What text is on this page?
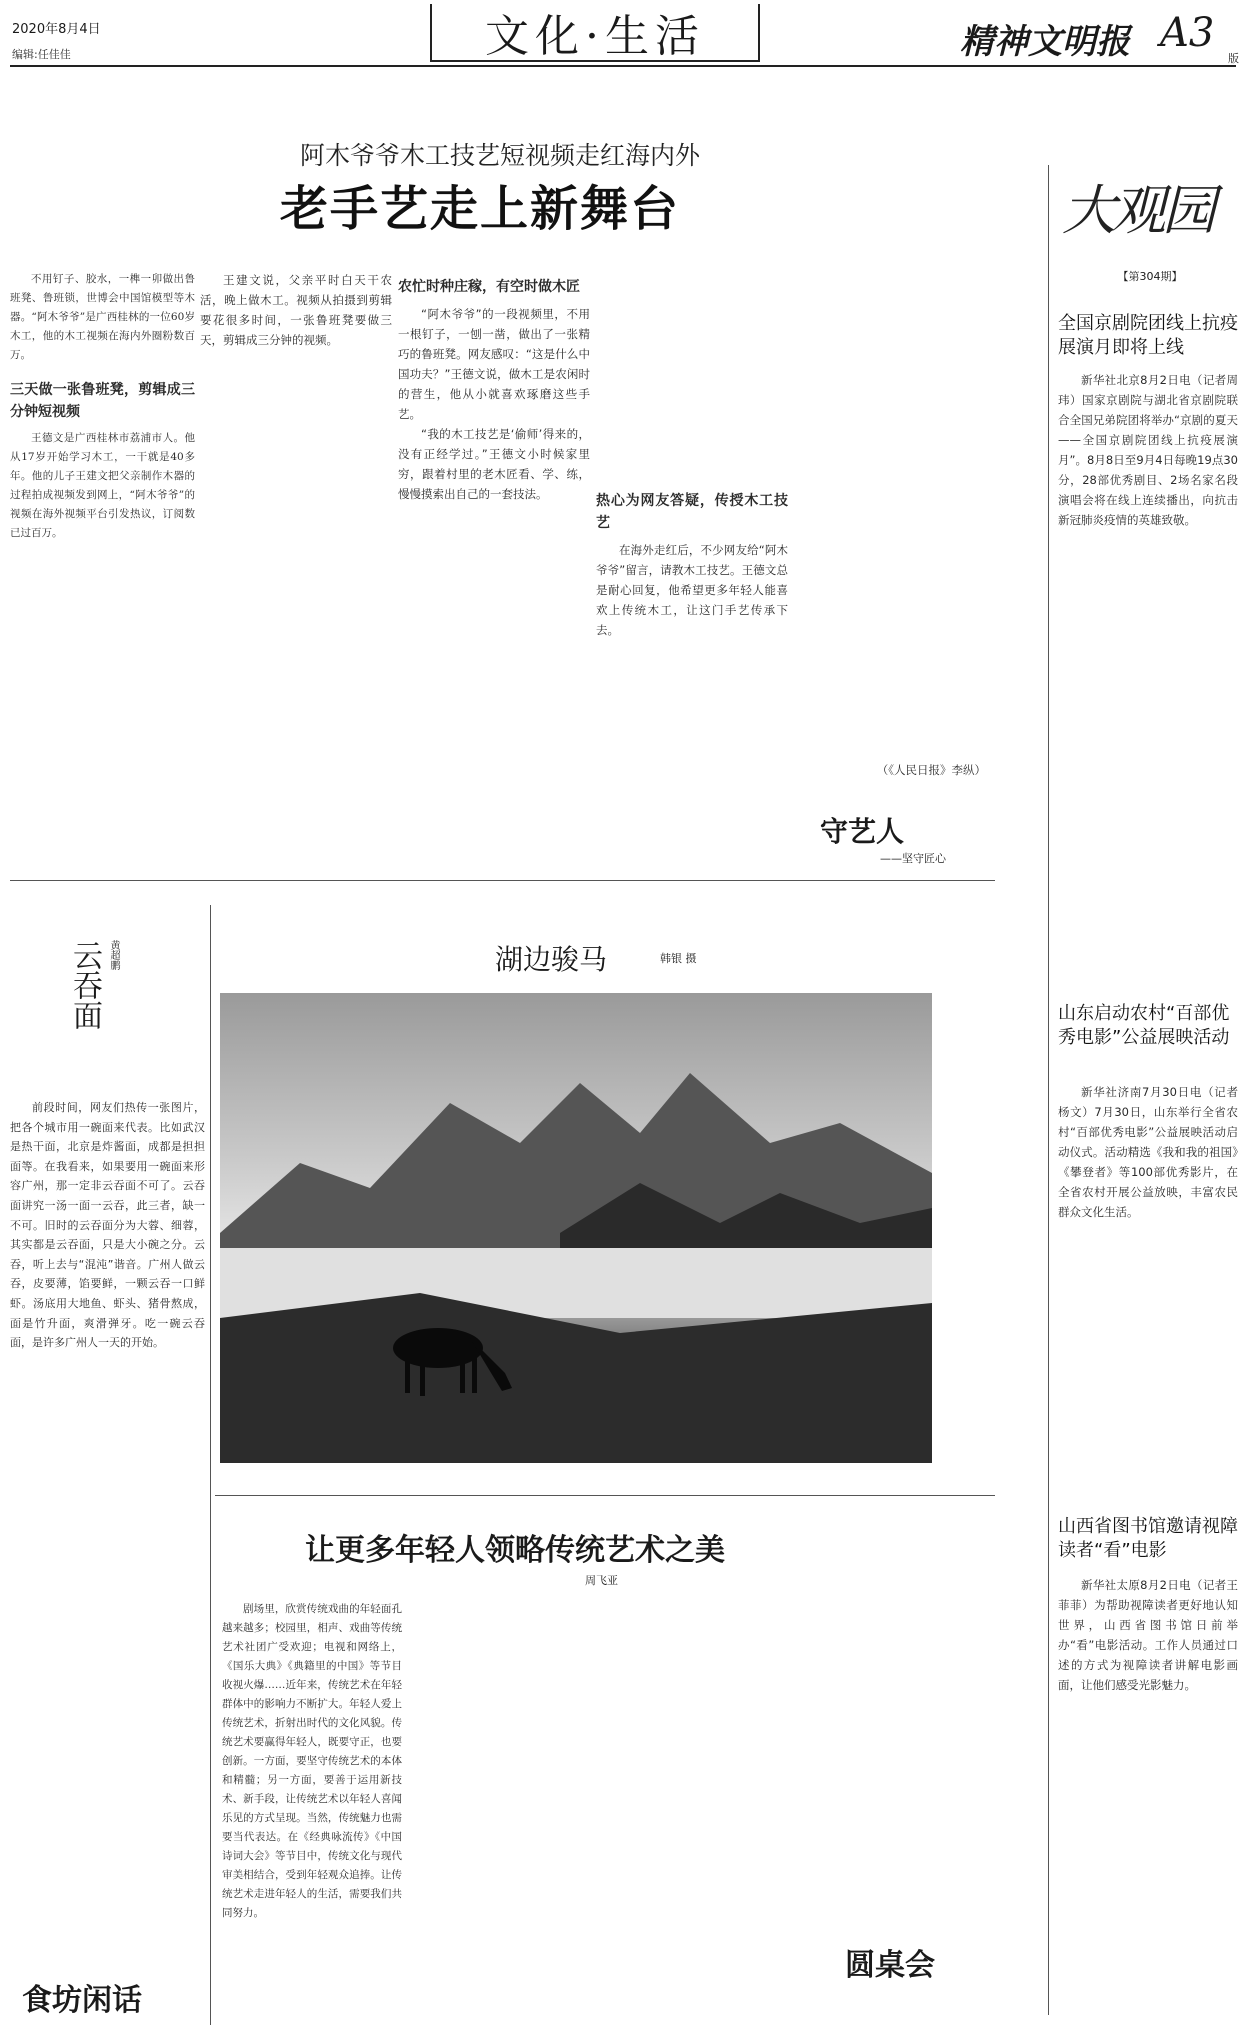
2020年8月4日
编辑:任佳佳	文化·生活	精神文明报 A3
版
阿木爷爷木工技艺短视频走红海内外
老手艺走上新舞台

不用钉子、胶水，一榫一卯做出鲁班凳、鲁班锁，世博会中国馆模型等木器。“阿木爷爷”是广西桂林的一位60岁木工，他的木工视频在海内外圈粉数百万。

三天做一张鲁班凳，剪辑成三分钟短视频

王德文是广西桂林市荔浦市人。他从17岁开始学习木工，一干就是40多年。他的儿子王建文把父亲制作木器的过程拍成视频发到网上，“阿木爷爷”的视频在海外视频平台引发热议，订阅数已过百万。

王建文说，父亲平时白天干农活，晚上做木工。视频从拍摄到剪辑要花很多时间，一张鲁班凳要做三天，剪辑成三分钟的视频。

农忙时种庄稼，有空时做木匠

“阿木爷爷”的一段视频里，不用一根钉子，一刨一凿，做出了一张精巧的鲁班凳。网友感叹：“这是什么中国功夫？”王德文说，做木工是农闲时的营生，他从小就喜欢琢磨这些手艺。

“我的木工技艺是‘偷师’得来的，没有正经学过。”王德文小时候家里穷，跟着村里的老木匠看、学、练，慢慢摸索出自己的一套技法。	热心为网友答疑，传授木工技艺

在海外走红后，不少网友给“阿木爷爷”留言，请教木工技艺。王德文总是耐心回复，他希望更多年轻人能喜欢上传统木工，让这门手艺传承下去。

（《人民日报》李纵）

守艺人
——坚守匠心
云吞面 黄超鹏

前段时间，网友们热传一张图片，把各个城市用一碗面来代表。比如武汉是热干面，北京是炸酱面，成都是担担面等。在我看来，如果要用一碗面来形容广州，那一定非云吞面不可了。云吞面讲究一汤一面一云吞，此三者，缺一不可。旧时的云吞面分为大蓉、细蓉，其实都是云吞面，只是大小碗之分。云吞，听上去与“混沌”谐音。广州人做云吞，皮要薄，馅要鲜，一颗云吞一口鲜虾。汤底用大地鱼、虾头、猪骨熬成，面是竹升面，爽滑弹牙。吃一碗云吞面，是许多广州人一天的开始。

湖边骏马	韩银 摄
让更多年轻人领略传统艺术之美
周飞亚

剧场里，欣赏传统戏曲的年轻面孔越来越多；校园里，相声、戏曲等传统艺术社团广受欢迎；电视和网络上，《国乐大典》《典籍里的中国》等节目收视火爆……近年来，传统艺术在年轻群体中的影响力不断扩大。年轻人爱上传统艺术，折射出时代的文化风貌。传统艺术要赢得年轻人，既要守正，也要创新。一方面，要坚守传统艺术的本体和精髓；另一方面，要善于运用新技术、新手段，让传统艺术以年轻人喜闻乐见的方式呈现。当然，传统魅力也需要当代表达。在《经典咏流传》《中国诗词大会》等节目中，传统文化与现代审美相结合，受到年轻观众追捧。让传统艺术走进年轻人的生活，需要我们共同努力。

圆桌会
食坊闲话
大观园
【第304期】
全国京剧院团线上抗疫展演月即将上线

新华社北京8月2日电（记者周玮）国家京剧院与湖北省京剧院联合全国兄弟院团将举办“京剧的夏天——全国京剧院团线上抗疫展演月”。8月8日至9月4日每晚19点30分，28部优秀剧目、2场名家名段演唱会将在线上连续播出，向抗击新冠肺炎疫情的英雄致敬。

山东启动农村“百部优秀电影”公益展映活动

新华社济南7月30日电（记者杨文）7月30日，山东举行全省农村“百部优秀电影”公益展映活动启动仪式。活动精选《我和我的祖国》《攀登者》等100部优秀影片，在全省农村开展公益放映，丰富农民群众文化生活。

山西省图书馆邀请视障读者“看”电影

新华社太原8月2日电（记者王菲菲）为帮助视障读者更好地认知世界，山西省图书馆日前举办“看”电影活动。工作人员通过口述的方式为视障读者讲解电影画面，让他们感受光影魅力。
